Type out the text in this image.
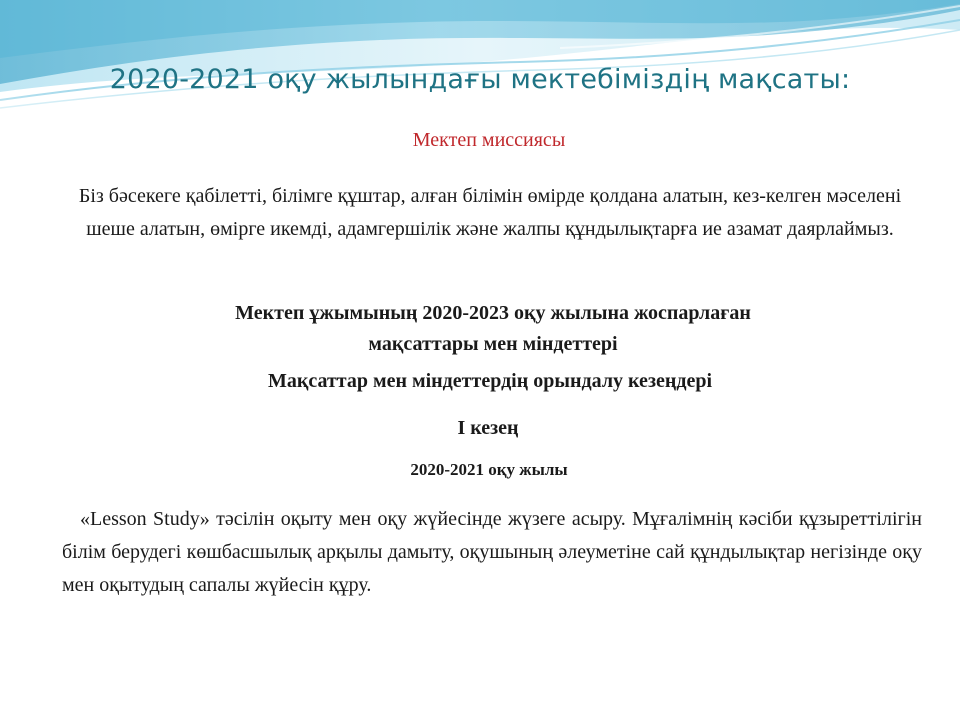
2020-2021 оқу жылындағы мектебіміздің мақсаты:
Мектеп миссиясы
Біз бәсекеге қабілетті, білімге құштар, алған білімін өмірде қолдана алатын, кез-келген мәселені шеше алатын, өмірге икемді, адамгершілік және жалпы құндылықтарға ие азамат даярлаймыз.
Мектеп ұжымының 2020-2023 оқу жылына жоспарлаған
мақсаттары мен міндеттері
Мақсаттар мен міндеттердің орындалу кезеңдері
I кезең
2020-2021 оқу жылы
«Lesson Study» тәсілін оқыту мен оқу жүйесінде жүзеге асыру. Мұғалімнің кәсіби құзыреттілігін білім берудегі көшбасшылық арқылы дамыту, оқушының әлеуметіне сай құндылықтар негізінде оқу мен оқытудың сапалы жүйесін құру.
